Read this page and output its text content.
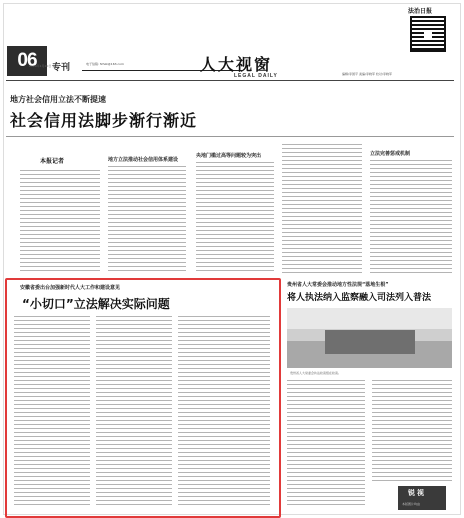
06	专刊
2020年1月20日 星期一	电子信箱: fzhzk@163.com	人大视窗
LEGAL DAILY	编辑/李国平 美编/李晓军 校对/李晓军
法治日报
地方社会信用立法不断提速
社会信用法脚步渐行渐近
本报记者	地方立法推动社会信用体系建设
央地门槛过高等问题较为突出	立法完善惩戒机制
安徽省委出台加强新时代人大工作和建设意见
“小切口”立法解决实际问题
贵州省人大常委会推动地方性法规“落地生根”
将人执法纳入监察融入司法列入普法
贵州省人大常委会执法检查组在检查。
锐视
本版图片均由
